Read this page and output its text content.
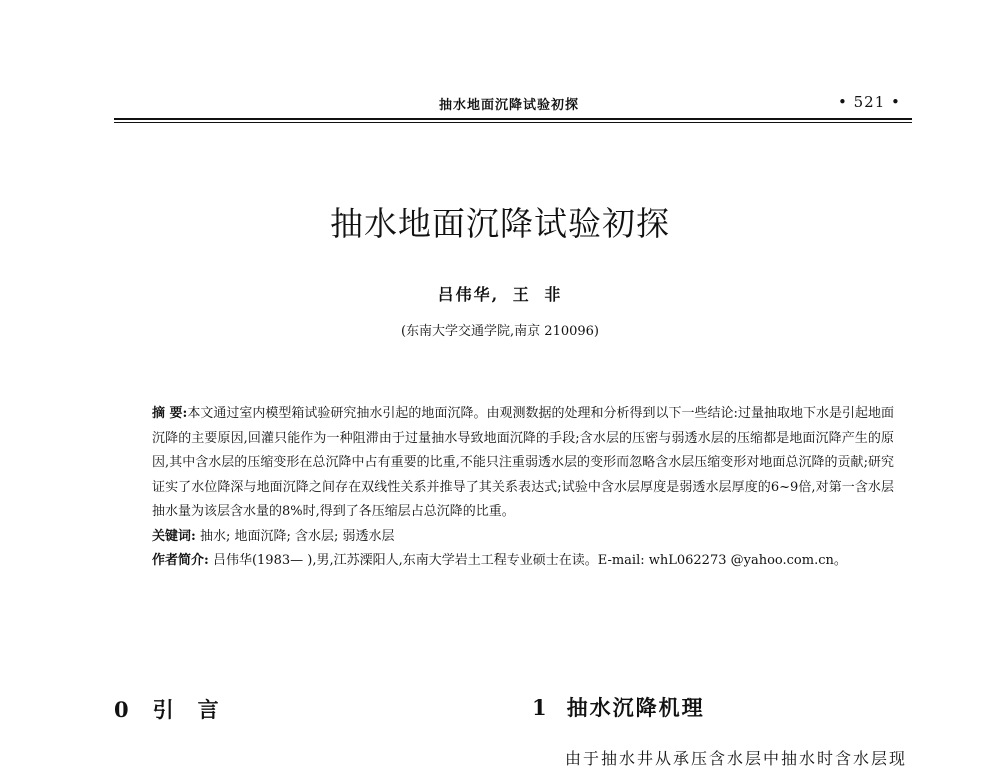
抽水地面沉降试验初探	• 521 •
抽水地面沉降试验初探
吕伟华, 王 非
(东南大学交通学院,南京 210096)

摘 要:本文通过室内模型箱试验研究抽水引起的地面沉降。由观测数据的处理和分析得到以下一些结论:过量抽取地下水是引起地面沉降的主要原因,回灌只能作为一种阻滞由于过量抽水导致地面沉降的手段;含水层的压密与弱透水层的压缩都是地面沉降产生的原因,其中含水层的压缩变形在总沉降中占有重要的比重,不能只注重弱透水层的变形而忽略含水层压缩变形对地面总沉降的贡献;研究证实了水位降深与地面沉降之间存在双线性关系并推导了其关系表达式;试验中含水层厚度是弱透水层厚度的6~9倍,对第一含水层抽水量为该层含水量的8%时,得到了各压缩层占总沉降的比重。

关键词: 抽水; 地面沉降; 含水层; 弱透水层

作者简介: 吕伟华(1983— ),男,江苏溧阳人,东南大学岩土工程专业硕士在读。E-mail: whL062273 @yahoo.com.cn。

0 引 言	1 抽水沉降机理
由于抽水井从承压含水层中抽水时含水层现
